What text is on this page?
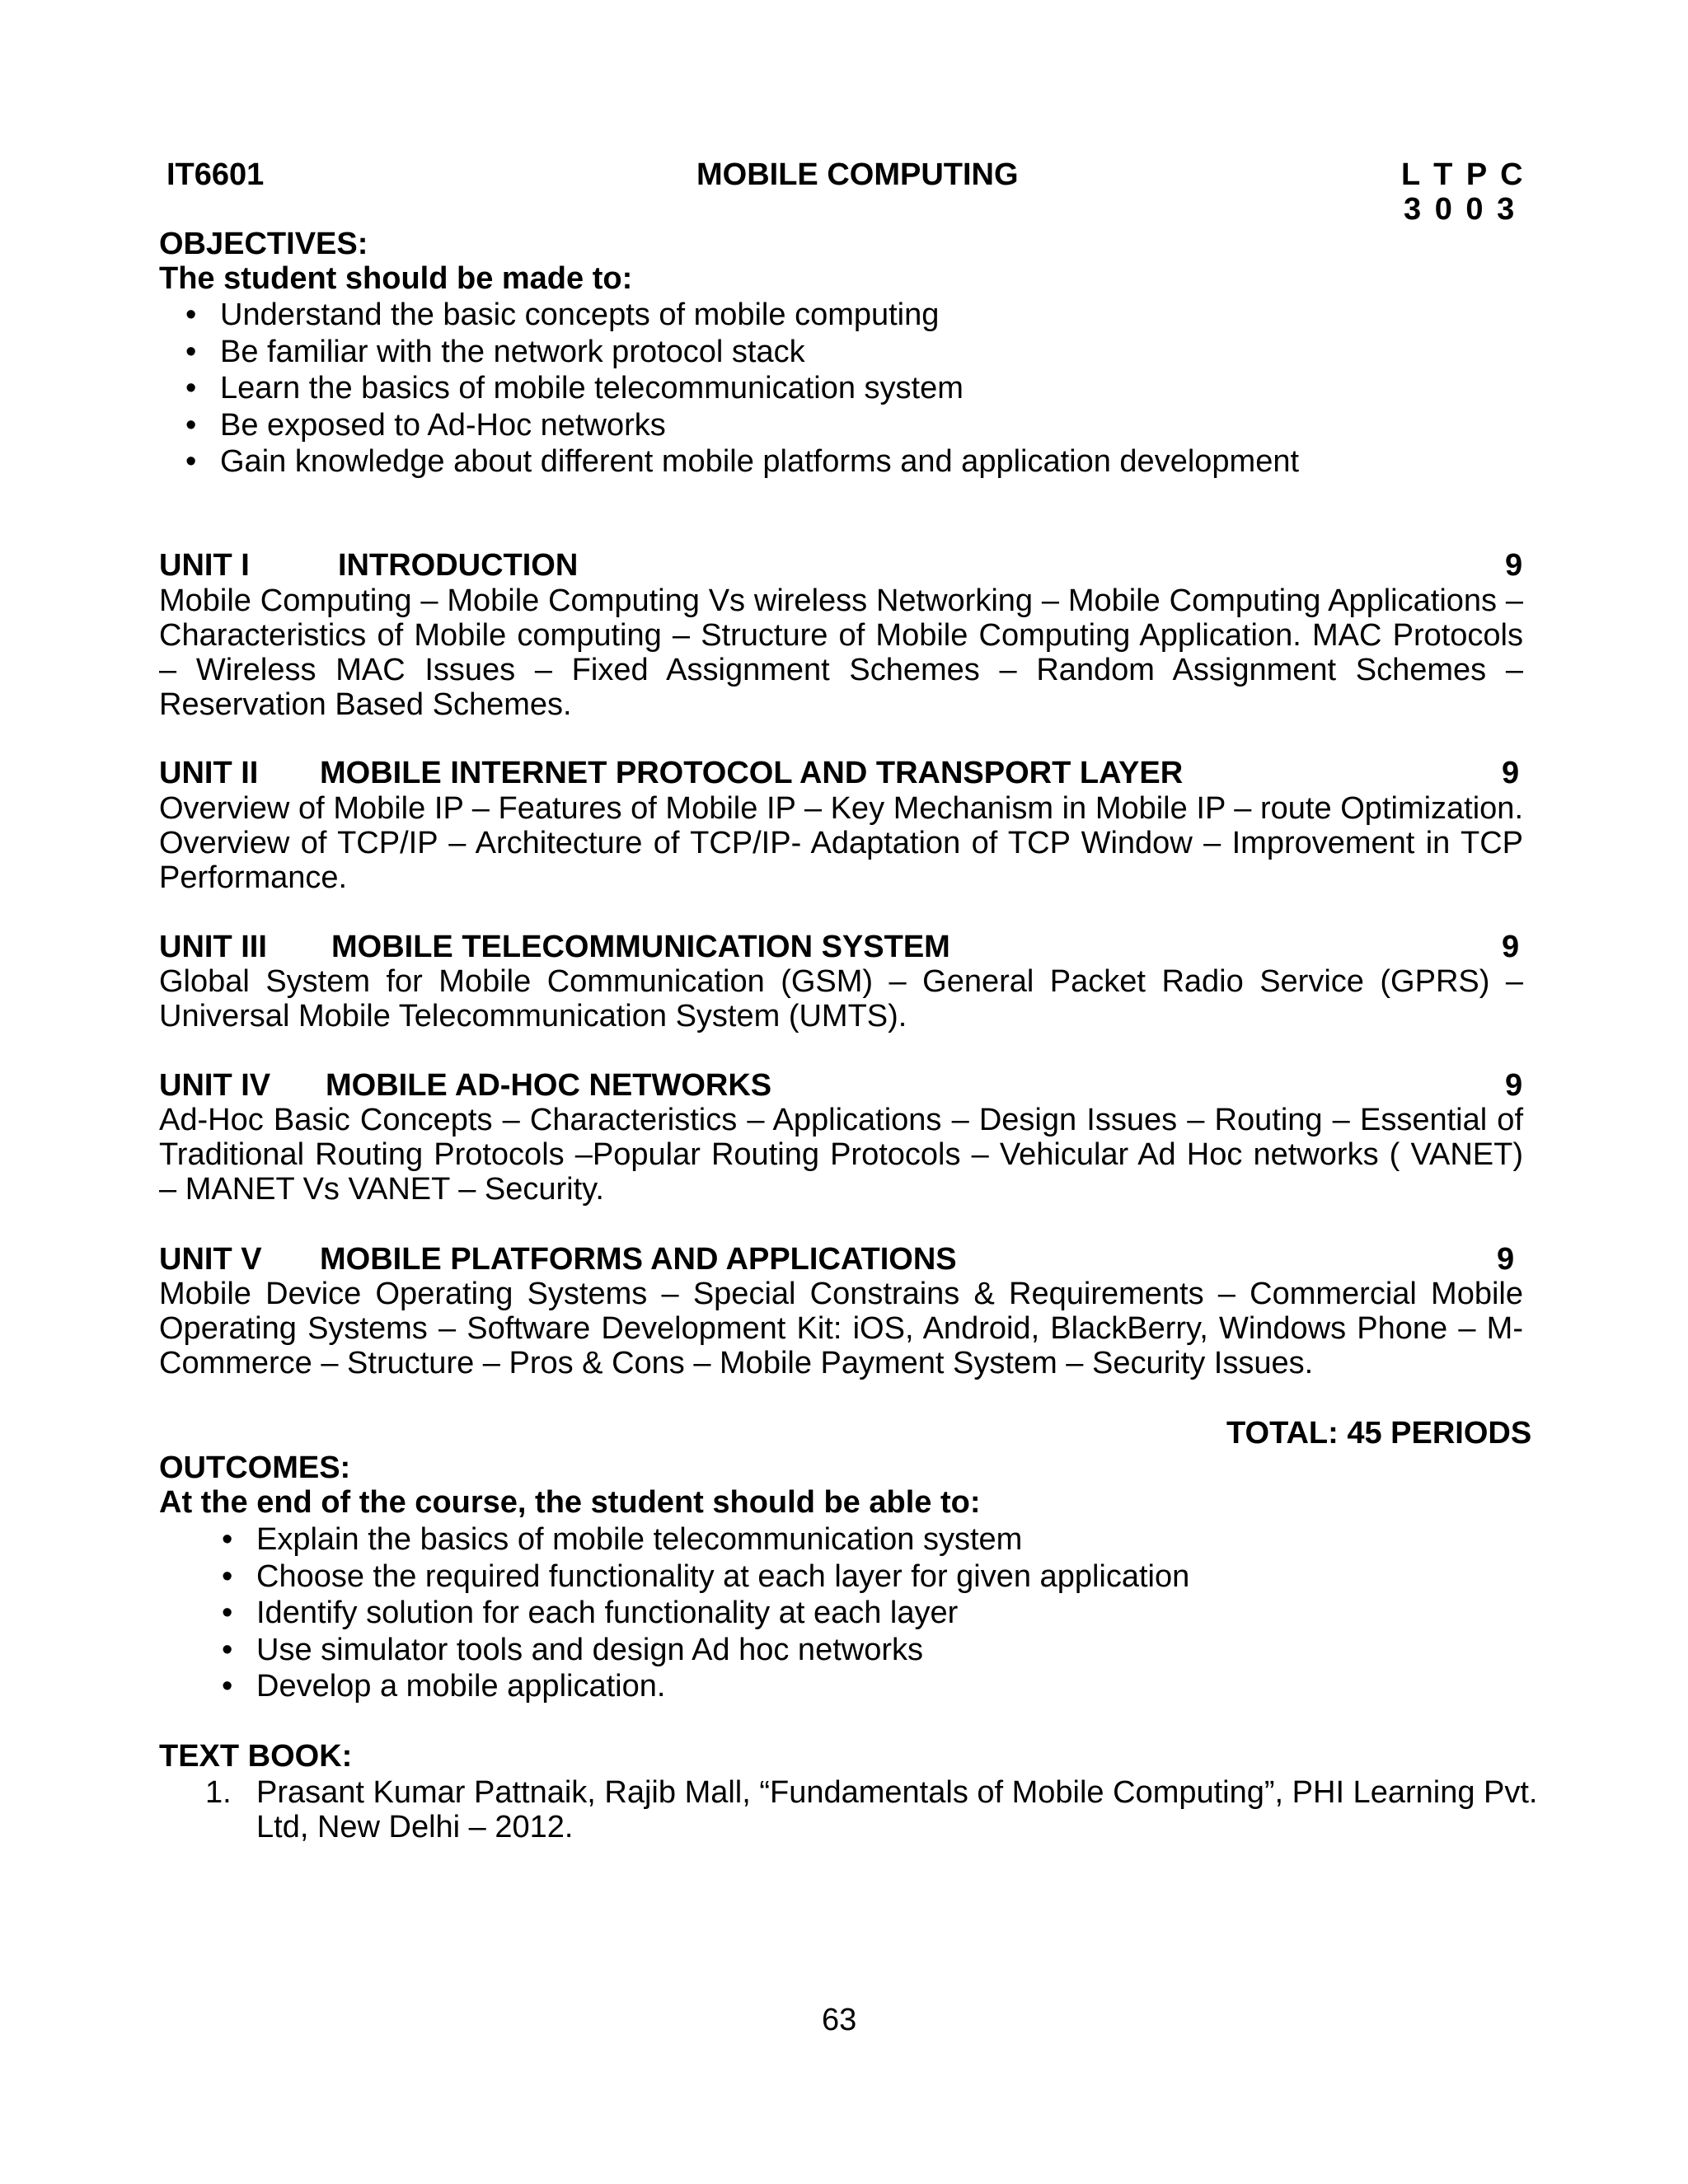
IT6601	MOBILE COMPUTING	L T P C
3 0 0 3
OBJECTIVES:
The student should be made to:
• Understand the basic concepts of mobile computing
• Be familiar with the network protocol stack
• Learn the basics of mobile telecommunication system
• Be exposed to Ad-Hoc networks
• Gain knowledge about different mobile platforms and application development
UNIT I	INTRODUCTION	9
Mobile Computing – Mobile Computing Vs wireless Networking – Mobile Computing Applications – Characteristics of Mobile computing – Structure of Mobile Computing Application. MAC Protocols – Wireless MAC Issues – Fixed Assignment Schemes – Random Assignment Schemes – Reservation Based Schemes.
UNIT II MOBILE INTERNET PROTOCOL AND TRANSPORT LAYER	9
Overview of Mobile IP – Features of Mobile IP – Key Mechanism in Mobile IP – route Optimization. Overview of TCP/IP – Architecture of TCP/IP- Adaptation of TCP Window – Improvement in TCP Performance.
UNIT III MOBILE TELECOMMUNICATION SYSTEM	9
Global System for Mobile Communication (GSM) – General Packet Radio Service (GPRS) – Universal Mobile Telecommunication System (UMTS).
UNIT IV MOBILE AD-HOC NETWORKS	9
Ad-Hoc Basic Concepts – Characteristics – Applications – Design Issues – Routing – Essential of Traditional Routing Protocols –Popular Routing Protocols – Vehicular Ad Hoc networks ( VANET) – MANET Vs VANET – Security.
UNIT V MOBILE PLATFORMS AND APPLICATIONS	9
Mobile Device Operating Systems – Special Constrains & Requirements – Commercial Mobile Operating Systems – Software Development Kit: iOS, Android, BlackBerry, Windows Phone – M-Commerce – Structure – Pros & Cons – Mobile Payment System – Security Issues.
TOTAL: 45 PERIODS
OUTCOMES:
At the end of the course, the student should be able to:
• Explain the basics of mobile telecommunication system
• Choose the required functionality at each layer for given application
• Identify solution for each functionality at each layer
• Use simulator tools and design Ad hoc networks
• Develop a mobile application.
TEXT BOOK:
1. Prasant Kumar Pattnaik, Rajib Mall, “Fundamentals of Mobile Computing”, PHI Learning Pvt.
Ltd, New Delhi – 2012.
63
